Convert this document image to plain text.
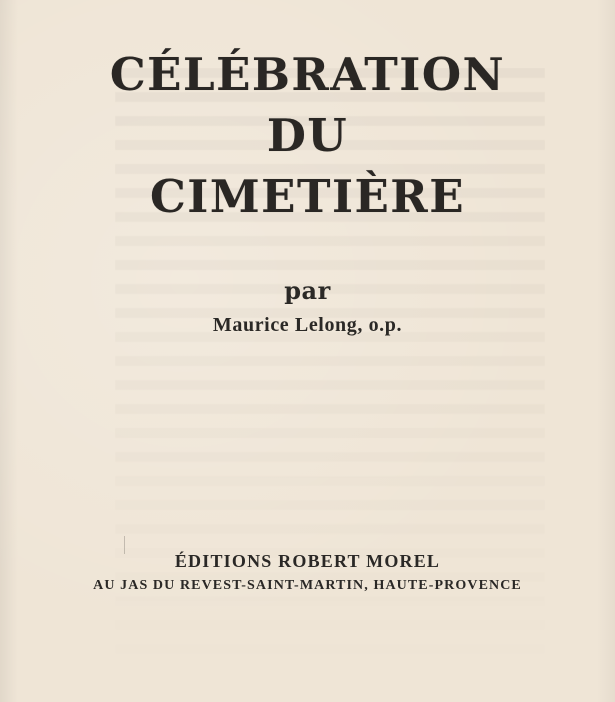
CÉLÉBRATION
DU
CIMETIÈRE
par
Maurice Lelong, o.p.
ÉDITIONS ROBERT MOREL
AU JAS DU REVEST-SAINT-MARTIN, HAUTE-PROVENCE
